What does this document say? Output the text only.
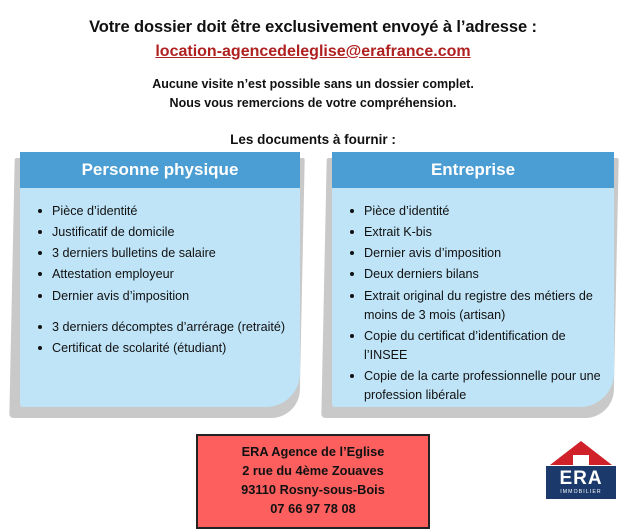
Votre dossier doit être exclusivement envoyé à l’adresse :
location-agencedeleglise@erafrance.com
Aucune visite n’est possible sans un dossier complet.
Nous vous remercions de votre compréhension.
Les documents à fournir :
Personne physique
Pièce d’identité
Justificatif de domicile
3 derniers bulletins de salaire
Attestation employeur
Dernier avis d’imposition
3 derniers décomptes d’arrérage (retraité)
Certificat de scolarité (étudiant)
Entreprise
Pièce d’identité
Extrait K-bis
Dernier avis d’imposition
Deux derniers bilans
Extrait original du registre des métiers de moins de 3 mois (artisan)
Copie du certificat d’identification de l’INSEE
Copie de la carte professionnelle pour une profession libérale
ERA Agence de l’Eglise
2 rue du 4ème Zouaves
93110 Rosny-sous-Bois
07 66 97 78 08
ERA
IMMOBILIER
